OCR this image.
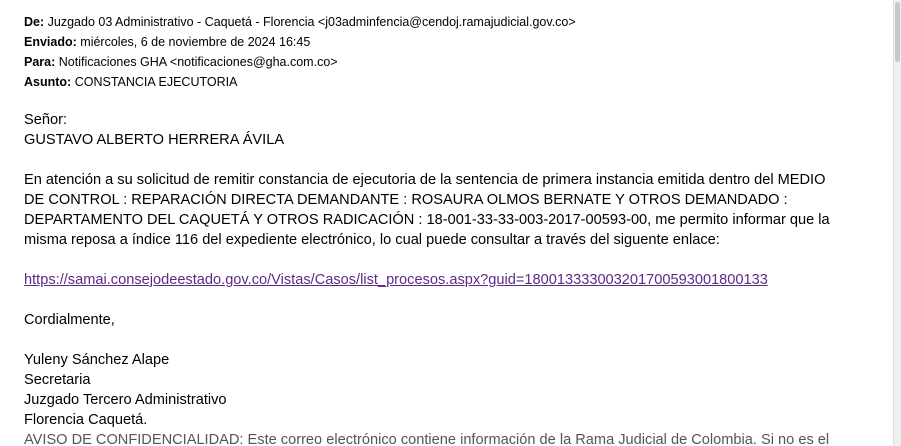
De: Juzgado 03 Administrativo - Caquetá - Florencia <j03adminfencia@cendoj.ramajudicial.gov.co>
Enviado: miércoles, 6 de noviembre de 2024 16:45
Para: Notificaciones GHA <notificaciones@gha.com.co>
Asunto: CONSTANCIA EJECUTORIA

Señor:

GUSTAVO ALBERTO HERRERA ÁVILA

En atención a su solicitud de remitir constancia de ejecutoria de la sentencia de primera instancia emitida dentro del MEDIO

DE CONTROL : REPARACIÓN DIRECTA DEMANDANTE : ROSAURA OLMOS BERNATE Y OTROS DEMANDADO :

DEPARTAMENTO DEL CAQUETÁ Y OTROS RADICACIÓN : 18-001-33-33-003-2017-00593-00, me permito informar que la

misma reposa a índice 116 del expediente electrónico, lo cual puede consultar a través del siguente enlace:

https://samai.consejodeestado.gov.co/Vistas/Casos/list_procesos.aspx?guid=180013333003201700593001800133

Cordialmente,

Yuleny Sánchez Alape

Secretaria

Juzgado Tercero Administrativo

Florencia Caquetá.

AVISO DE CONFIDENCIALIDAD: Este correo electrónico contiene información de la Rama Judicial de Colombia. Si no es el
